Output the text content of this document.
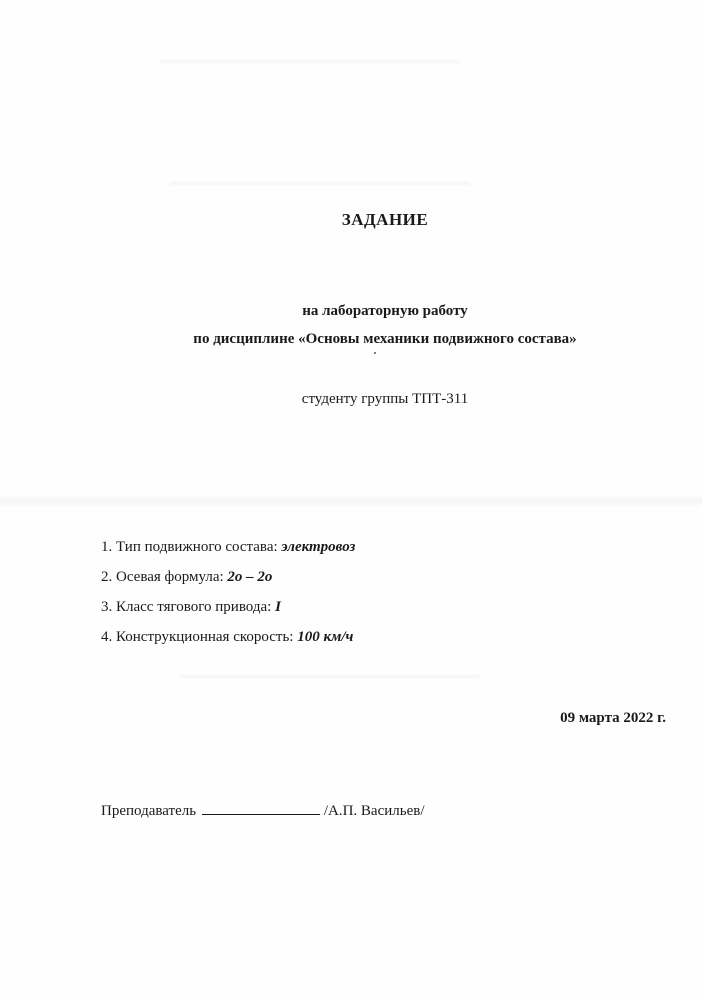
ЗАДАНИЕ
на лабораторную работу
по дисциплине «Основы механики подвижного состава»
студенту группы ТПТ-311
1. Тип подвижного состава: электровоз
2. Осевая формула: 2о – 2о
3. Класс тягового привода: I
4. Конструкционная скорость: 100 км/ч
09 марта 2022 г.
Преподаватель	/А.П. Васильев/
